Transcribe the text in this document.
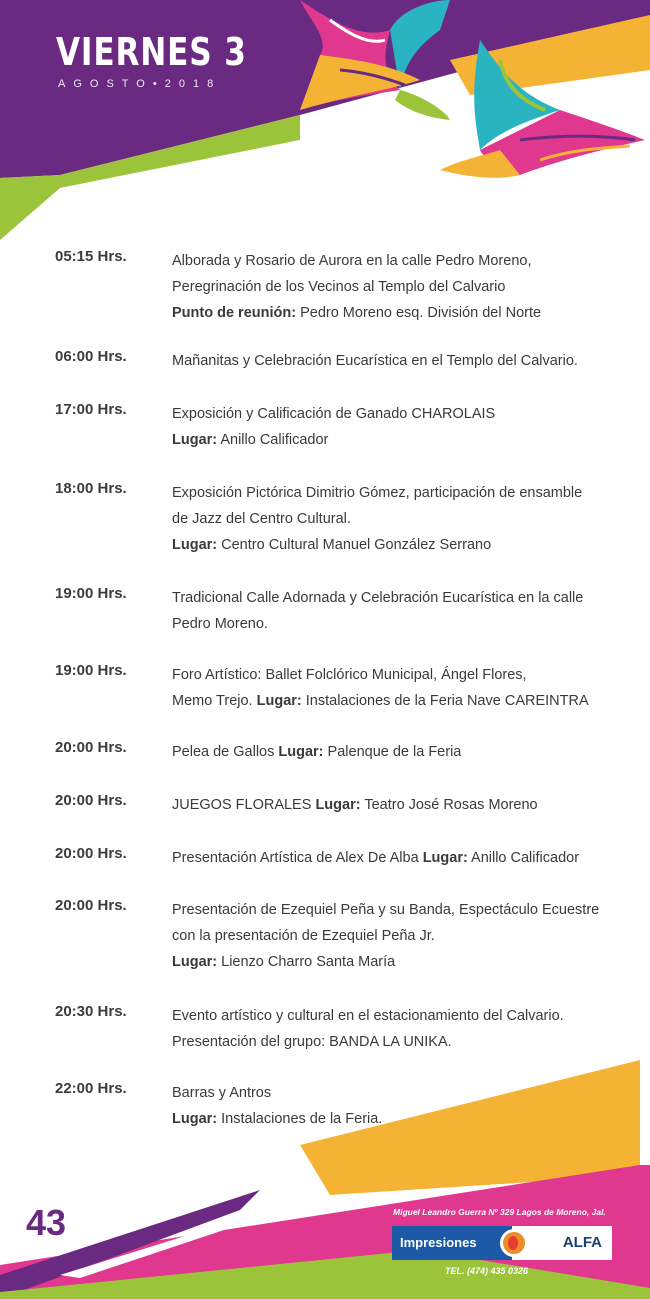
VIERNES 3
AGOSTO•2018
05:15 Hrs.	Alborada y Rosario de Aurora en la calle Pedro Moreno,
Peregrinación de los Vecinos al Templo del Calvario
Punto de reunión: Pedro Moreno esq. División del Norte
06:00 Hrs.	Mañanitas y Celebración Eucarística en el Templo del Calvario.
17:00 Hrs.	Exposición y Calificación de Ganado CHAROLAIS
Lugar: Anillo Calificador
18:00 Hrs.	Exposición Pictórica Dimitrio Gómez, participación de ensamble
de Jazz del Centro Cultural.
Lugar: Centro Cultural Manuel González Serrano
19:00 Hrs.	Tradicional Calle Adornada y Celebración Eucarística en la calle
Pedro Moreno.
19:00 Hrs.	Foro Artístico: Ballet Folclórico Municipal, Ángel Flores,
Memo Trejo. Lugar: Instalaciones de la Feria Nave CAREINTRA
20:00 Hrs.	Pelea de Gallos Lugar: Palenque de la Feria
20:00 Hrs.	JUEGOS FLORALES Lugar: Teatro José Rosas Moreno
20:00 Hrs.	Presentación Artística de Alex De Alba Lugar: Anillo Calificador
20:00 Hrs.	Presentación de Ezequiel Peña y su Banda, Espectáculo Ecuestre
con la presentación de Ezequiel Peña Jr.
Lugar: Lienzo Charro Santa María
20:30 Hrs.	Evento artístico y cultural en el estacionamiento del Calvario.
Presentación del grupo: BANDA LA UNIKA.
22:00 Hrs.	Barras y Antros
Lugar: Instalaciones de la Feria.
43	Miguel Leandro Guerra Nº 329 Lagos de Moreno, Jal.
Impresiones	ALFA
TEL. (474) 435 0326
